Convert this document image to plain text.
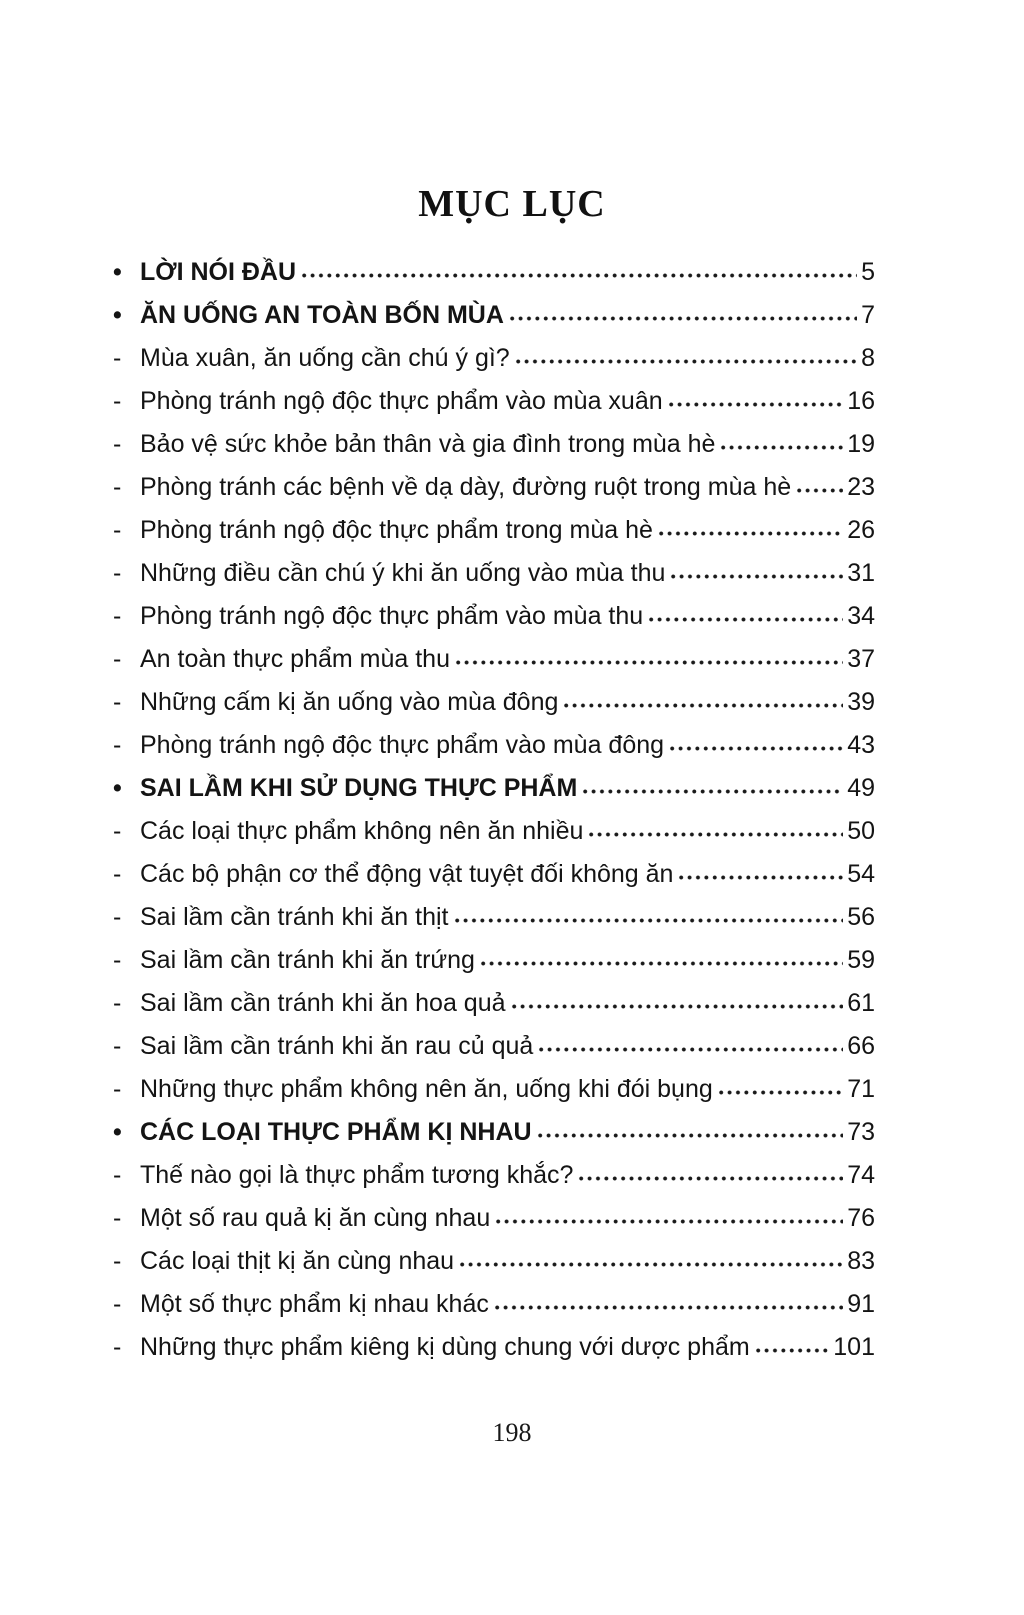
MỤC LỤC
• LỜI NÓI ĐẦU	5
• ĂN UỐNG AN TOÀN BỐN MÙA	7
- Mùa xuân, ăn uống cần chú ý gì?	8
- Phòng tránh ngộ độc thực phẩm vào mùa xuân	16
- Bảo vệ sức khỏe bản thân và gia đình trong mùa hè	19
- Phòng tránh các bệnh về dạ dày, đường ruột trong mùa hè 23
- Phòng tránh ngộ độc thực phẩm trong mùa hè	26
- Những điều cần chú ý khi ăn uống vào mùa thu	31
- Phòng tránh ngộ độc thực phẩm vào mùa thu	34
- An toàn thực phẩm mùa thu	37
- Những cấm kị ăn uống vào mùa đông	39
- Phòng tránh ngộ độc thực phẩm vào mùa đông	43
• SAI LẦM KHI SỬ DỤNG THỰC PHẨM	49
- Các loại thực phẩm không nên ăn nhiều	50
- Các bộ phận cơ thể động vật tuyệt đối không ăn	54
- Sai lầm cần tránh khi ăn thịt	56
- Sai lầm cần tránh khi ăn trứng	59
- Sai lầm cần tránh khi ăn hoa quả	61
- Sai lầm cần tránh khi ăn rau củ quả	66
- Những thực phẩm không nên ăn, uống khi đói bụng	71
• CÁC LOẠI THỰC PHẨM KỊ NHAU	73
- Thế nào gọi là thực phẩm tương khắc?	74
- Một số rau quả kị ăn cùng nhau	76
- Các loại thịt kị ăn cùng nhau	83
- Một số thực phẩm kị nhau khác	91
- Những thực phẩm kiêng kị dùng chung với dược phẩm	101
198
